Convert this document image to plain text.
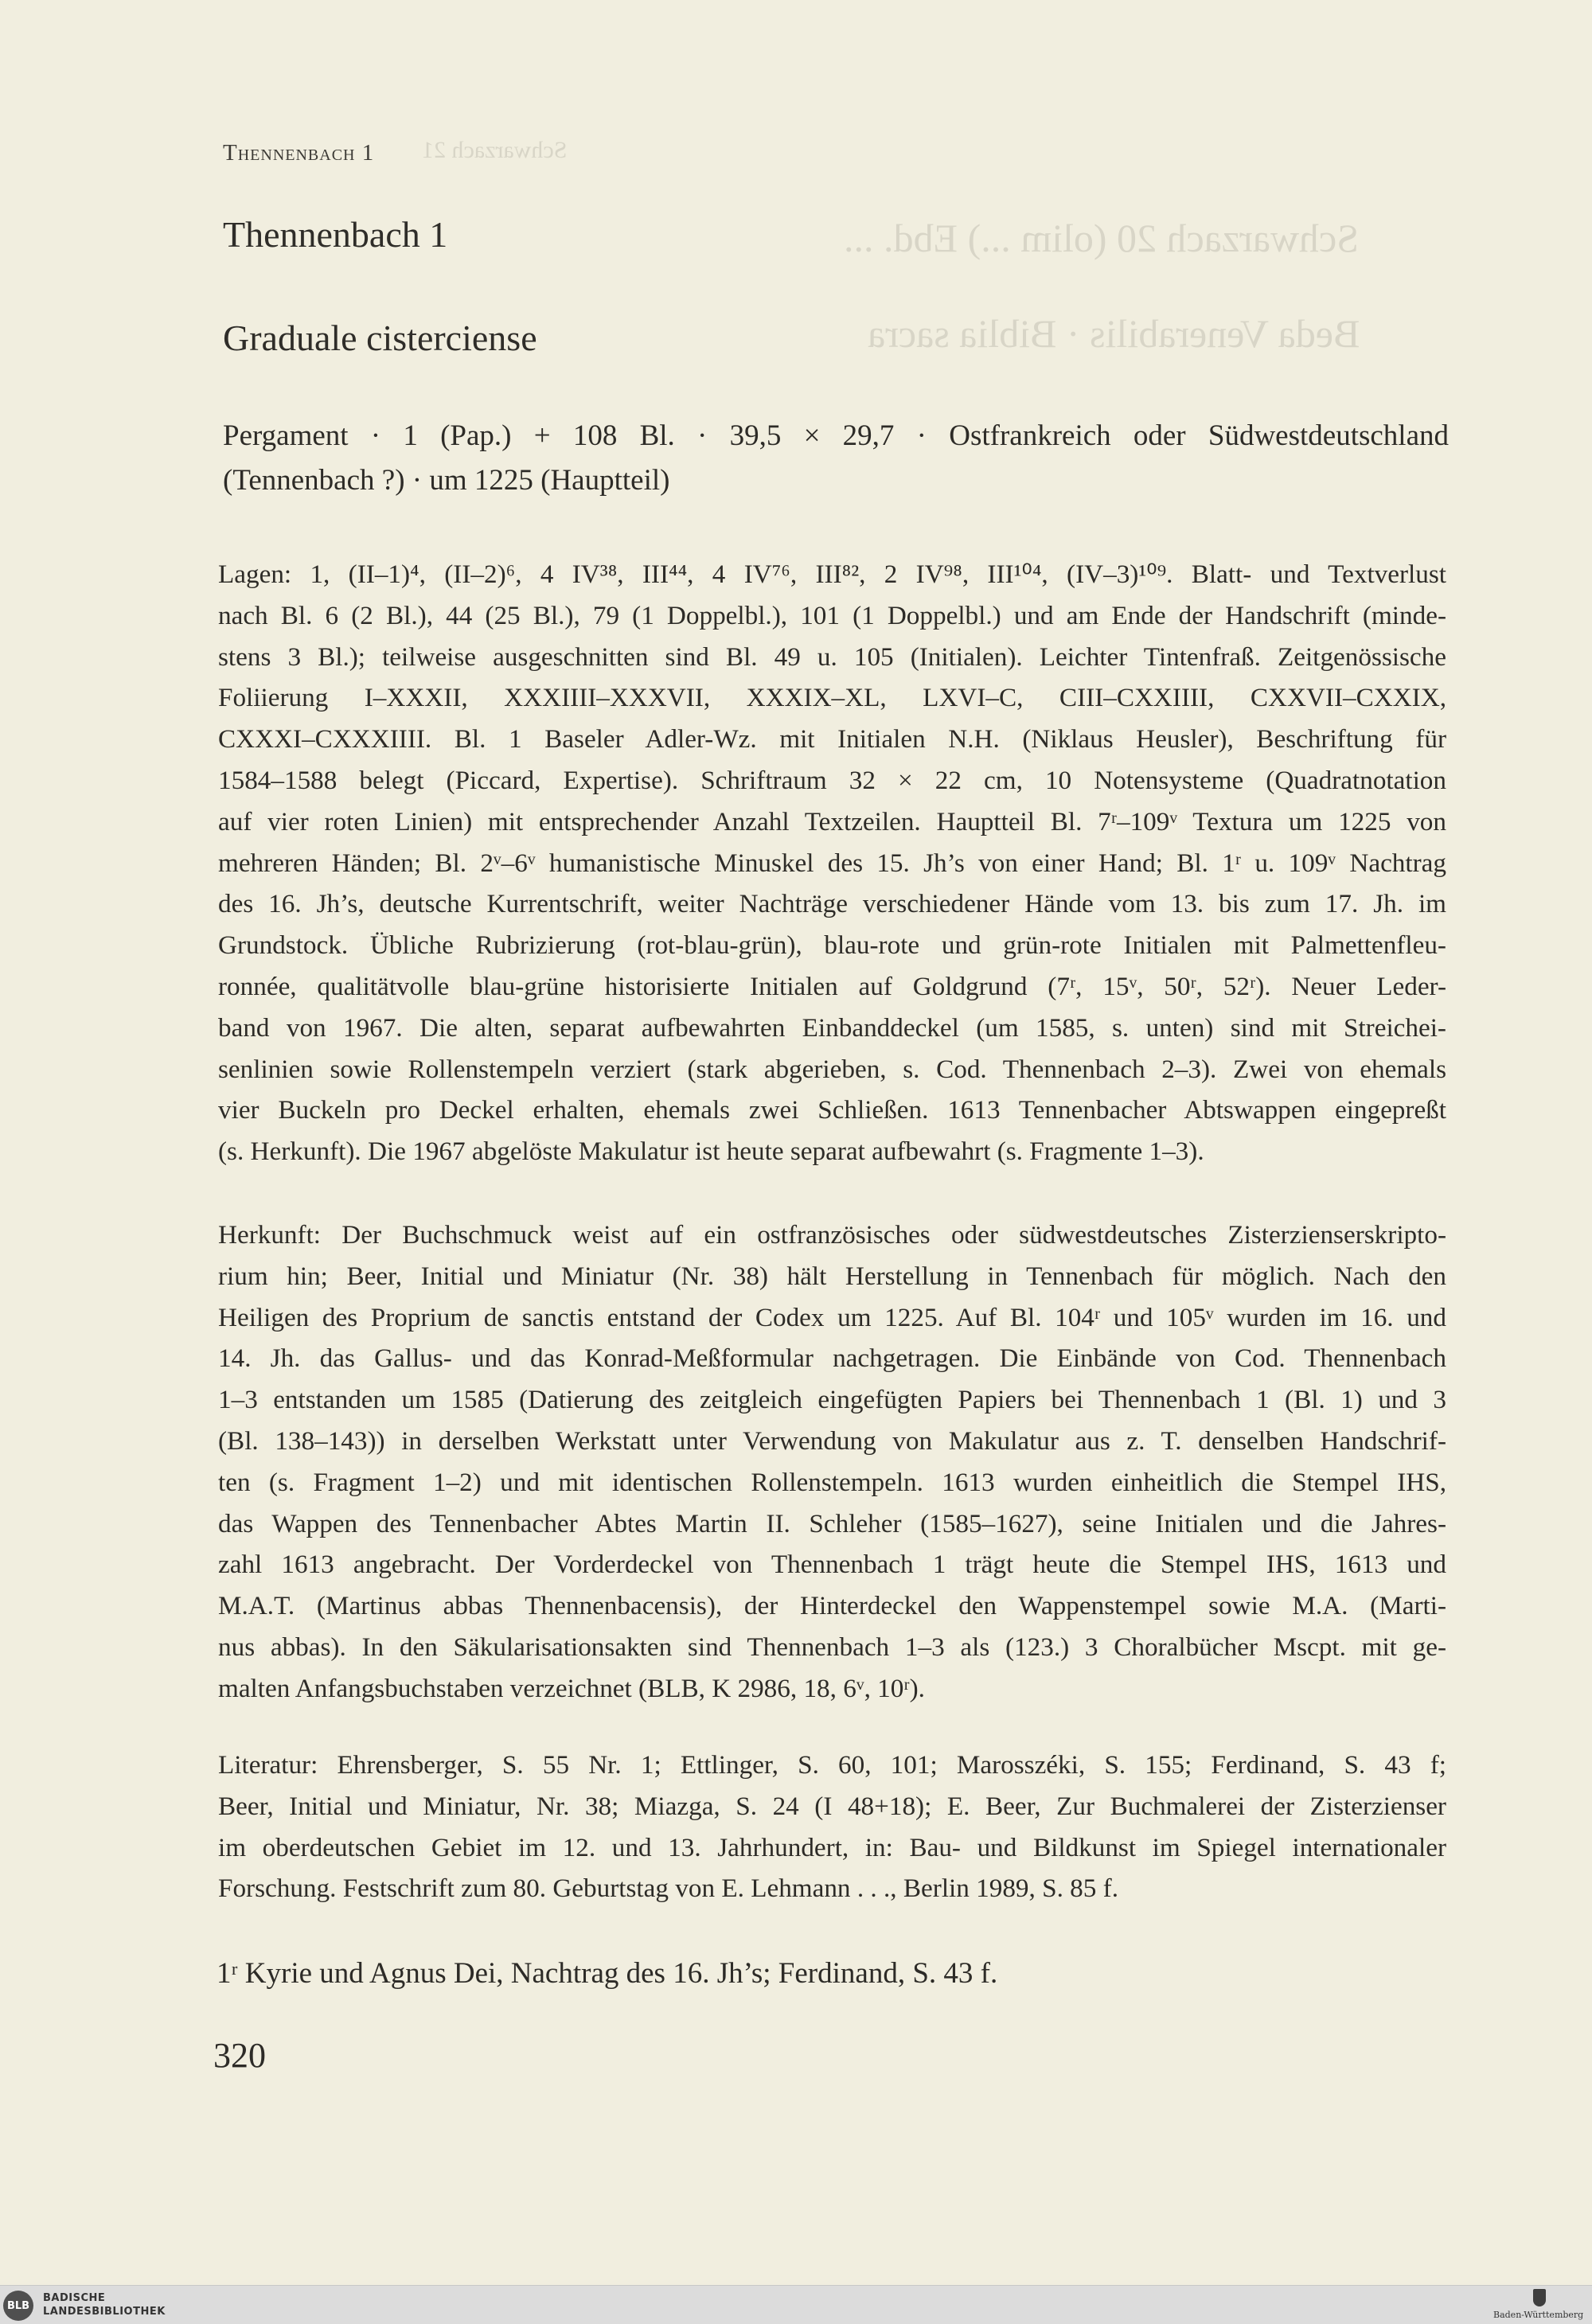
Schwarzach 21
Schwarzach 20 (olim ...) Ebd. ...
Beda Venerabilis · Biblia sacra
Thennenbach 1
Thennenbach 1
Graduale cisterciense
Pergament · 1 (Pap.) + 108 Bl. · 39,5 × 29,7 · Ostfrankreich oder Südwestdeutschland
(Tennenbach ?) · um 1225 (Hauptteil)
Lagen: 1, (II–1)⁴, (II–2)⁶, 4 IV³⁸, III⁴⁴, 4 IV⁷⁶, III⁸², 2 IV⁹⁸, III¹⁰⁴, (IV–3)¹⁰⁹. Blatt- und Textverlust
nach Bl. 6 (2 Bl.), 44 (25 Bl.), 79 (1 Doppelbl.), 101 (1 Doppelbl.) und am Ende der Handschrift (minde-
stens 3 Bl.); teilweise ausgeschnitten sind Bl. 49 u. 105 (Initialen). Leichter Tintenfraß. Zeitgenössische
Foliierung I–XXXII, XXXIIII–XXXVII, XXXIX–XL, LXVI–C, CIII–CXXIIII, CXXVII–CXXIX,
CXXXI–CXXXIIII. Bl. 1 Baseler Adler-Wz. mit Initialen N.H. (Niklaus Heusler), Beschriftung für
1584–1588 belegt (Piccard, Expertise). Schriftraum 32 × 22 cm, 10 Notensysteme (Quadratnotation
auf vier roten Linien) mit entsprechender Anzahl Textzeilen. Hauptteil Bl. 7ʳ–109ᵛ Textura um 1225 von
mehreren Händen; Bl. 2ᵛ–6ᵛ humanistische Minuskel des 15. Jh’s von einer Hand; Bl. 1ʳ u. 109ᵛ Nachtrag
des 16. Jh’s, deutsche Kurrentschrift, weiter Nachträge verschiedener Hände vom 13. bis zum 17. Jh. im
Grundstock. Übliche Rubrizierung (rot-blau-grün), blau-rote und grün-rote Initialen mit Palmettenfleu-
ronnée, qualitätvolle blau-grüne historisierte Initialen auf Goldgrund (7ʳ, 15ᵛ, 50ʳ, 52ʳ). Neuer Leder-
band von 1967. Die alten, separat aufbewahrten Einbanddeckel (um 1585, s. unten) sind mit Streichei-
senlinien sowie Rollenstempeln verziert (stark abgerieben, s. Cod. Thennenbach 2–3). Zwei von ehemals
vier Buckeln pro Deckel erhalten, ehemals zwei Schließen. 1613 Tennenbacher Abtswappen eingepreßt
(s. Herkunft). Die 1967 abgelöste Makulatur ist heute separat aufbewahrt (s. Fragmente 1–3).
Herkunft: Der Buchschmuck weist auf ein ostfranzösisches oder südwestdeutsches Zisterzienserskripto-
rium hin; Beer, Initial und Miniatur (Nr. 38) hält Herstellung in Tennenbach für möglich. Nach den
Heiligen des Proprium de sanctis entstand der Codex um 1225. Auf Bl. 104ʳ und 105ᵛ wurden im 16. und
14. Jh. das Gallus- und das Konrad-Meßformular nachgetragen. Die Einbände von Cod. Thennenbach
1–3 entstanden um 1585 (Datierung des zeitgleich eingefügten Papiers bei Thennenbach 1 (Bl. 1) und 3
(Bl. 138–143)) in derselben Werkstatt unter Verwendung von Makulatur aus z. T. denselben Handschrif-
ten (s. Fragment 1–2) und mit identischen Rollenstempeln. 1613 wurden einheitlich die Stempel IHS,
das Wappen des Tennenbacher Abtes Martin II. Schleher (1585–1627), seine Initialen und die Jahres-
zahl 1613 angebracht. Der Vorderdeckel von Thennenbach 1 trägt heute die Stempel IHS, 1613 und
M.A.T. (Martinus abbas Thennenbacensis), der Hinterdeckel den Wappenstempel sowie M.A. (Marti-
nus abbas). In den Säkularisationsakten sind Thennenbach 1–3 als (123.) 3 Choralbücher Mscpt. mit ge-
malten Anfangsbuchstaben verzeichnet (BLB, K 2986, 18, 6ᵛ, 10ʳ).
Literatur: Ehrensberger, S. 55 Nr. 1; Ettlinger, S. 60, 101; Marosszéki, S. 155; Ferdinand, S. 43 f;
Beer, Initial und Miniatur, Nr. 38; Miazga, S. 24 (I 48+18); E. Beer, Zur Buchmalerei der Zisterzienser
im oberdeutschen Gebiet im 12. und 13. Jahrhundert, in: Bau- und Bildkunst im Spiegel internationaler
Forschung. Festschrift zum 80. Geburtstag von E. Lehmann . . ., Berlin 1989, S. 85 f.
1ʳ Kyrie und Agnus Dei, Nachtrag des 16. Jh’s; Ferdinand, S. 43 f.
320
BLB
BADISCHE
LANDESBIBLIOTHEK	Baden-Württemberg
